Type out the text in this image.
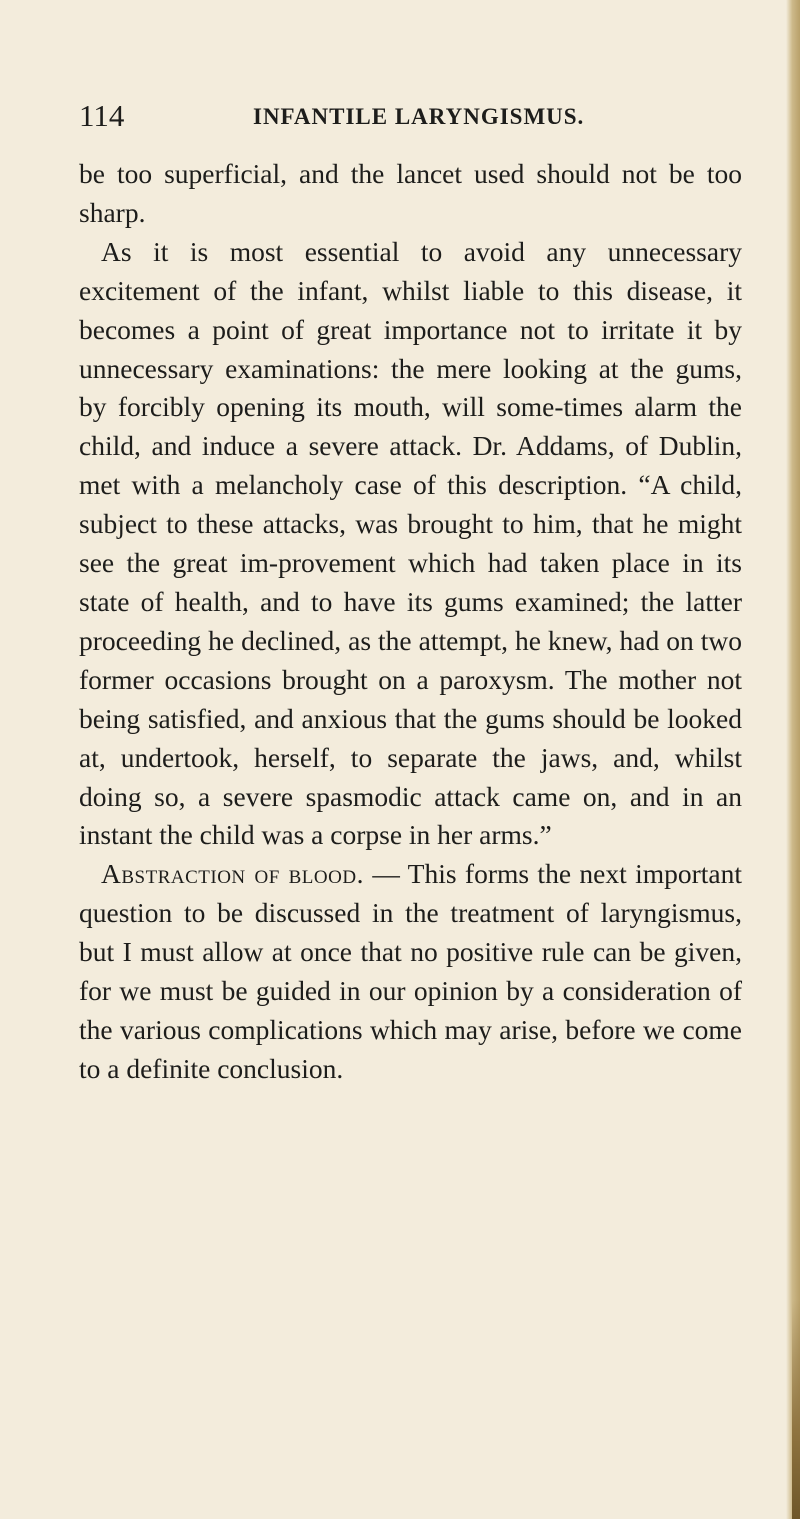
114	INFANTILE LARYNGISMUS.

be too superficial, and the lancet used should not be too sharp.

As it is most essential to avoid any unnecessary excitement of the infant, whilst liable to this disease, it becomes a point of great importance not to irritate it by unnecessary examinations: the mere looking at the gums, by forcibly opening its mouth, will some-times alarm the child, and induce a severe attack. Dr. Addams, of Dublin, met with a melancholy case of this description. “A child, subject to these attacks, was brought to him, that he might see the great im-provement which had taken place in its state of health, and to have its gums examined; the latter proceeding he declined, as the attempt, he knew, had on two former occasions brought on a paroxysm. The mother not being satisfied, and anxious that the gums should be looked at, undertook, herself, to separate the jaws, and, whilst doing so, a severe spasmodic attack came on, and in an instant the child was a corpse in her arms.”

Abstraction of blood. — This forms the next important question to be discussed in the treatment of laryngismus, but I must allow at once that no positive rule can be given, for we must be guided in our opinion by a consideration of the various complications which may arise, before we come to a definite conclusion.
